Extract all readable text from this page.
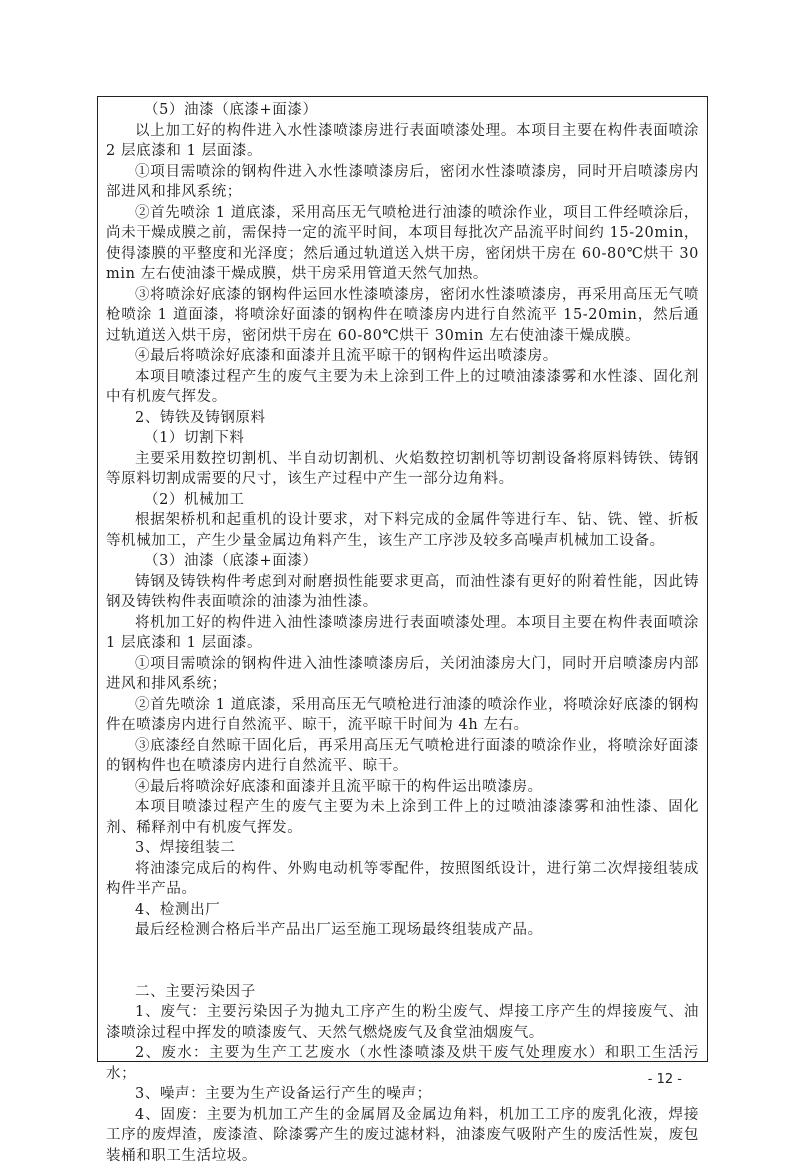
（5）油漆（底漆+面漆）

以上加工好的构件进入水性漆喷漆房进行表面喷漆处理。本项目主要在构件表面喷涂 2 层底漆和 1 层面漆。

①项目需喷涂的钢构件进入水性漆喷漆房后，密闭水性漆喷漆房，同时开启喷漆房内部进风和排风系统；

②首先喷涂 1 道底漆，采用高压无气喷枪进行油漆的喷涂作业，项目工件经喷涂后，尚未干燥成膜之前，需保持一定的流平时间，本项目每批次产品流平时间约 15-20min，使得漆膜的平整度和光泽度；然后通过轨道送入烘干房，密闭烘干房在 60-80℃烘干 30min 左右使油漆干燥成膜，烘干房采用管道天然气加热。

③将喷涂好底漆的钢构件运回水性漆喷漆房，密闭水性漆喷漆房，再采用高压无气喷枪喷涂 1 道面漆，将喷涂好面漆的钢构件在喷漆房内进行自然流平 15-20min，然后通过轨道送入烘干房，密闭烘干房在 60-80℃烘干 30min 左右使油漆干燥成膜。

④最后将喷涂好底漆和面漆并且流平晾干的钢构件运出喷漆房。

本项目喷漆过程产生的废气主要为未上涂到工件上的过喷油漆漆雾和水性漆、固化剂中有机废气挥发。

2、铸铁及铸钢原料

（1）切割下料

主要采用数控切割机、半自动切割机、火焰数控切割机等切割设备将原料铸铁、铸钢等原料切割成需要的尺寸，该生产过程中产生一部分边角料。

（2）机械加工

根据架桥机和起重机的设计要求，对下料完成的金属件等进行车、钻、铣、镗、折板等机械加工，产生少量金属边角料产生，该生产工序涉及较多高噪声机械加工设备。

（3）油漆（底漆+面漆）

铸钢及铸铁构件考虑到对耐磨损性能要求更高，而油性漆有更好的附着性能，因此铸钢及铸铁构件表面喷涂的油漆为油性漆。

将机加工好的构件进入油性漆喷漆房进行表面喷漆处理。本项目主要在构件表面喷涂 1 层底漆和 1 层面漆。

①项目需喷涂的钢构件进入油性漆喷漆房后，关闭油漆房大门，同时开启喷漆房内部进风和排风系统；

②首先喷涂 1 道底漆，采用高压无气喷枪进行油漆的喷涂作业，将喷涂好底漆的钢构件在喷漆房内进行自然流平、晾干，流平晾干时间为 4h 左右。

③底漆经自然晾干固化后，再采用高压无气喷枪进行面漆的喷涂作业，将喷涂好面漆的钢构件也在喷漆房内进行自然流平、晾干。

④最后将喷涂好底漆和面漆并且流平晾干的构件运出喷漆房。

本项目喷漆过程产生的废气主要为未上涂到工件上的过喷油漆漆雾和油性漆、固化剂、稀释剂中有机废气挥发。

3、焊接组装二

将油漆完成后的构件、外购电动机等零配件，按照图纸设计，进行第二次焊接组装成构件半产品。

4、检测出厂

最后经检测合格后半产品出厂运至施工现场最终组装成产品。

二、主要污染因子

1、废气：主要污染因子为抛丸工序产生的粉尘废气、焊接工序产生的焊接废气、油漆喷涂过程中挥发的喷漆废气、天然气燃烧废气及食堂油烟废气。

2、废水：主要为生产工艺废水（水性漆喷漆及烘干废气处理废水）和职工生活污水；

3、噪声：主要为生产设备运行产生的噪声；

4、固废：主要为机加工产生的金属屑及金属边角料，机加工工序的废乳化液，焊接工序的废焊渣，废漆渣、除漆雾产生的废过滤材料，油漆废气吸附产生的废活性炭，废包装桶和职工生活垃圾。

- 12 -
